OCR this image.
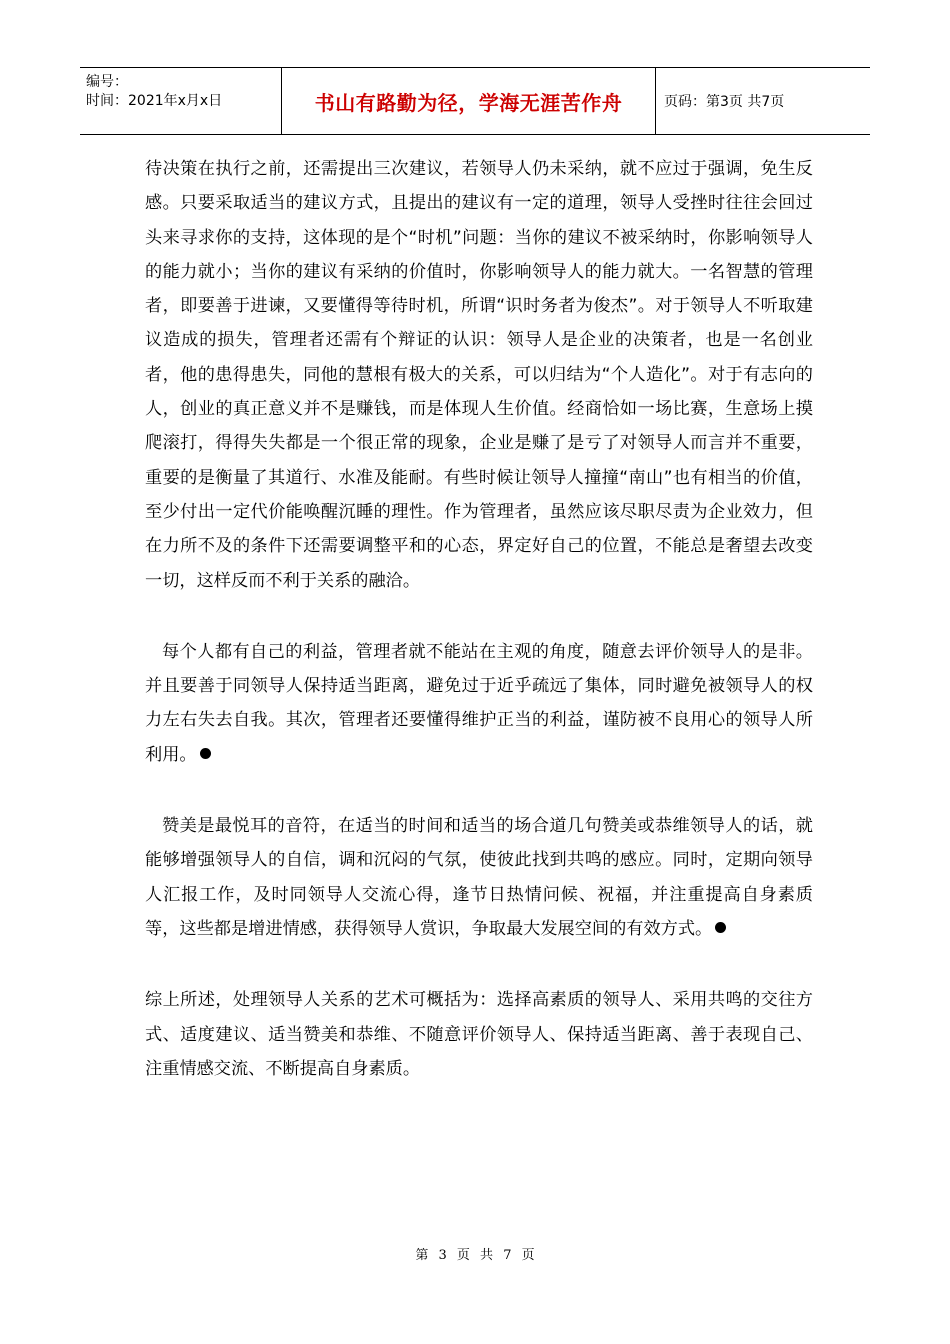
编号：
时间：2021年x月x日	书山有路勤为径，学海无涯苦作舟	页码：第3页 共7页

待决策在执行之前，还需提出三次建议，若领导人仍未采纳，就不应过于强调，免生反感。只要采取适当的建议方式，且提出的建议有一定的道理，领导人受挫时往往会回过头来寻求你的支持，这体现的是个“时机”问题：当你的建议不被采纳时，你影响领导人的能力就小；当你的建议有采纳的价值时，你影响领导人的能力就大。一名智慧的管理者，即要善于进谏，又要懂得等待时机，所谓“识时务者为俊杰”。对于领导人不听取建议造成的损失，管理者还需有个辩证的认识：领导人是企业的决策者，也是一名创业者，他的患得患失，同他的慧根有极大的关系，可以归结为“个人造化”。对于有志向的人，创业的真正意义并不是赚钱，而是体现人生价值。经商恰如一场比赛，生意场上摸爬滚打，得得失失都是一个很正常的现象，企业是赚了是亏了对领导人而言并不重要，重要的是衡量了其道行、水准及能耐。有些时候让领导人撞撞“南山”也有相当的价值，至少付出一定代价能唤醒沉睡的理性。作为管理者，虽然应该尽职尽责为企业效力，但在力所不及的条件下还需要调整平和的心态，界定好自己的位置，不能总是奢望去改变一切，这样反而不利于关系的融洽。

每个人都有自己的利益，管理者就不能站在主观的角度，随意去评价领导人的是非。并且要善于同领导人保持适当距离，避免过于近乎疏远了集体，同时避免被领导人的权力左右失去自我。其次，管理者还要懂得维护正当的利益，谨防被不良用心的领导人所利用。

赞美是最悦耳的音符，在适当的时间和适当的场合道几句赞美或恭维领导人的话，就能够增强领导人的自信，调和沉闷的气氛，使彼此找到共鸣的感应。同时，定期向领导人汇报工作，及时同领导人交流心得，逢节日热情问候、祝福，并注重提高自身素质等，这些都是增进情感，获得领导人赏识，争取最大发展空间的有效方式。

综上所述，处理领导人关系的艺术可概括为：选择高素质的领导人、采用共鸣的交往方式、适度建议、适当赞美和恭维、不随意评价领导人、保持适当距离、善于表现自己、注重情感交流、不断提高自身素质。

第 3 页 共 7 页
